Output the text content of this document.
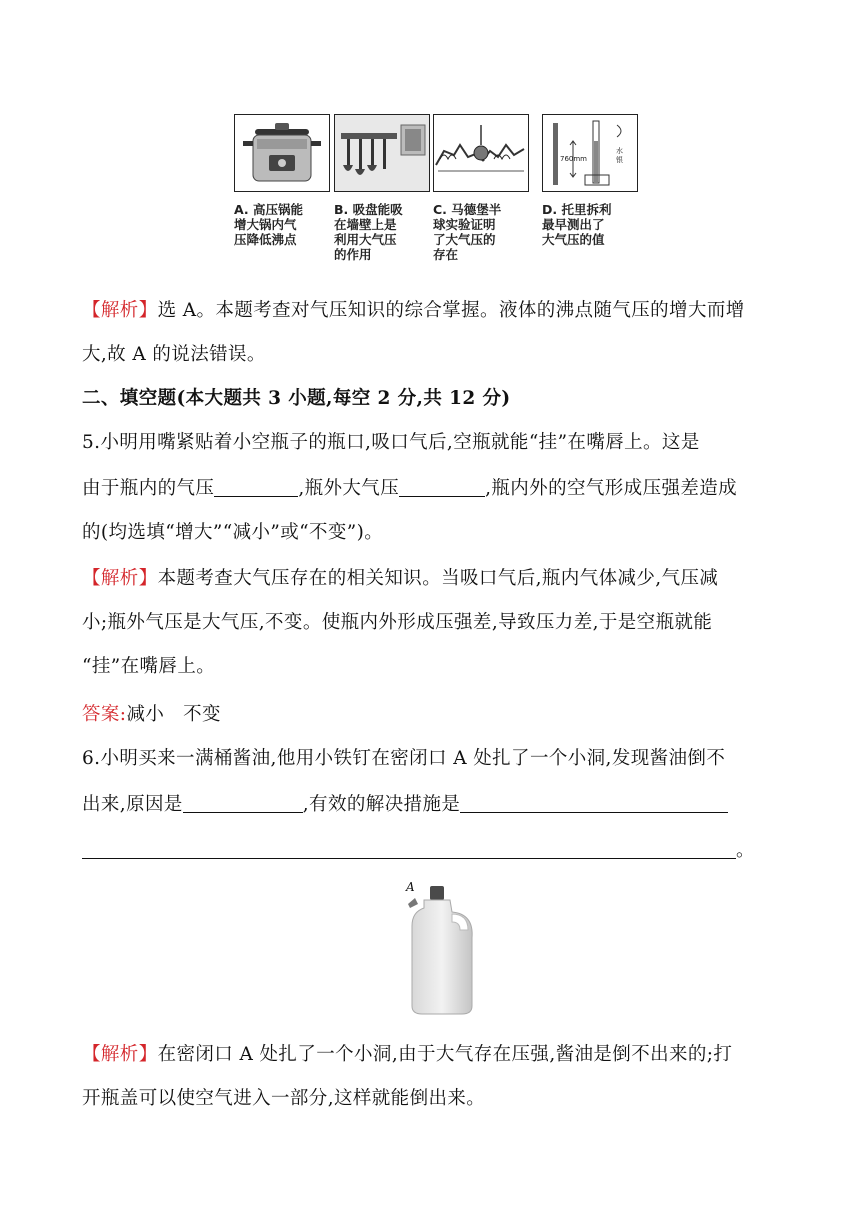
A. 高压锅能
增大锅内气
压降低沸点
B. 吸盘能吸
在墙壁上是
利用大气压
的作用
C. 马德堡半
球实验证明
了大气压的
存在
760mm
水
银
D. 托里拆利
最早测出了
大气压的值
【解析】选 A。本题考查对气压知识的综合掌握。液体的沸点随气压的增大而增
大,故 A 的说法错误。
二、填空题(本大题共 3 小题,每空 2 分,共 12 分)
5.小明用嘴紧贴着小空瓶子的瓶口,吸口气后,空瓶就能“挂”在嘴唇上。这是
由于瓶内的气压	,瓶外大气压	,瓶内外的空气形成压强差造成
的(均选填“增大”“减小”或“不变”)。
【解析】本题考查大气压存在的相关知识。当吸口气后,瓶内气体减少,气压减
小;瓶外气压是大气压,不变。使瓶内外形成压强差,导致压力差,于是空瓶就能
“挂”在嘴唇上。
答案:减小   不变
6.小明买来一满桶酱油,他用小铁钉在密闭口 A 处扎了一个小洞,发现酱油倒不
出来,原因是	,有效的解决措施是
。
A
【解析】在密闭口 A 处扎了一个小洞,由于大气存在压强,酱油是倒不出来的;打
开瓶盖可以使空气进入一部分,这样就能倒出来。
